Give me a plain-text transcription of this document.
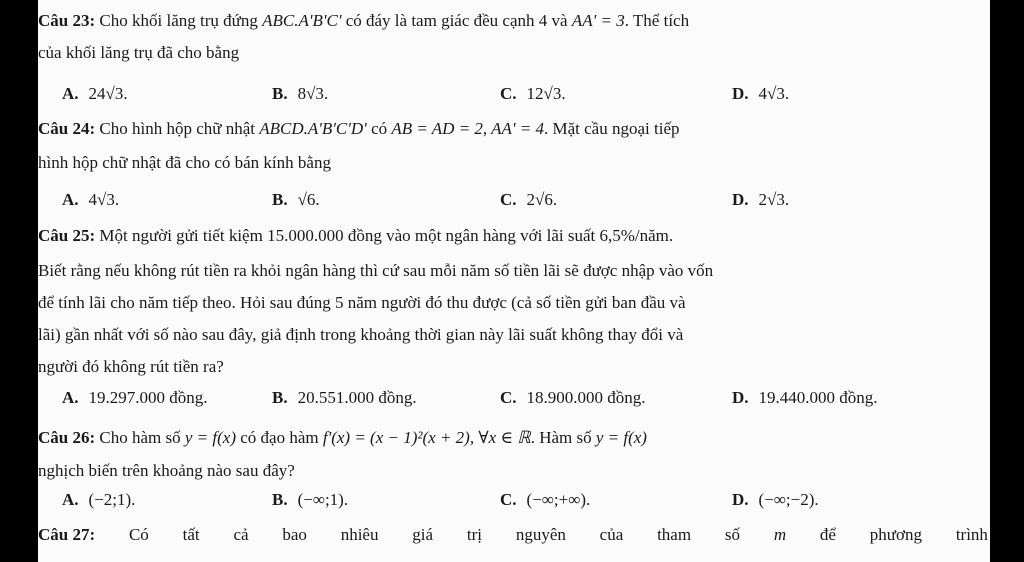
Câu 23: Cho khối lăng trụ đứng ABC.A'B'C' có đáy là tam giác đều cạnh 4 và AA' = 3. Thể tích
của khối lăng trụ đã cho bằng
A. 24√3.	B. 8√3.	C. 12√3.	D. 4√3.
Câu 24: Cho hình hộp chữ nhật ABCD.A'B'C'D' có AB = AD = 2, AA' = 4. Mặt cầu ngoại tiếp
hình hộp chữ nhật đã cho có bán kính bằng
A. 4√3.	B. √6.	C. 2√6.	D. 2√3.
Câu 25: Một người gửi tiết kiệm 15.000.000 đồng vào một ngân hàng với lãi suất 6,5%/năm.
Biết rằng nếu không rút tiền ra khỏi ngân hàng thì cứ sau mỗi năm số tiền lãi sẽ được nhập vào vốn
để tính lãi cho năm tiếp theo. Hỏi sau đúng 5 năm người đó thu được (cả số tiền gửi ban đầu và
lãi) gần nhất với số nào sau đây, giả định trong khoảng thời gian này lãi suất không thay đổi và
người đó không rút tiền ra?
A. 19.297.000 đồng.	B. 20.551.000 đồng.	C. 18.900.000 đồng.	D. 19.440.000 đồng.
Câu 26: Cho hàm số y = f(x) có đạo hàm f'(x) = (x − 1)²(x + 2), ∀x ∈ ℝ. Hàm số y = f(x)
nghịch biến trên khoảng nào sau đây?
A. (−2;1).	B. (−∞;1).	C. (−∞;+∞).	D. (−∞;−2).
Câu 27: Có tất cả bao nhiêu giá trị nguyên của tham số m để phương trình
